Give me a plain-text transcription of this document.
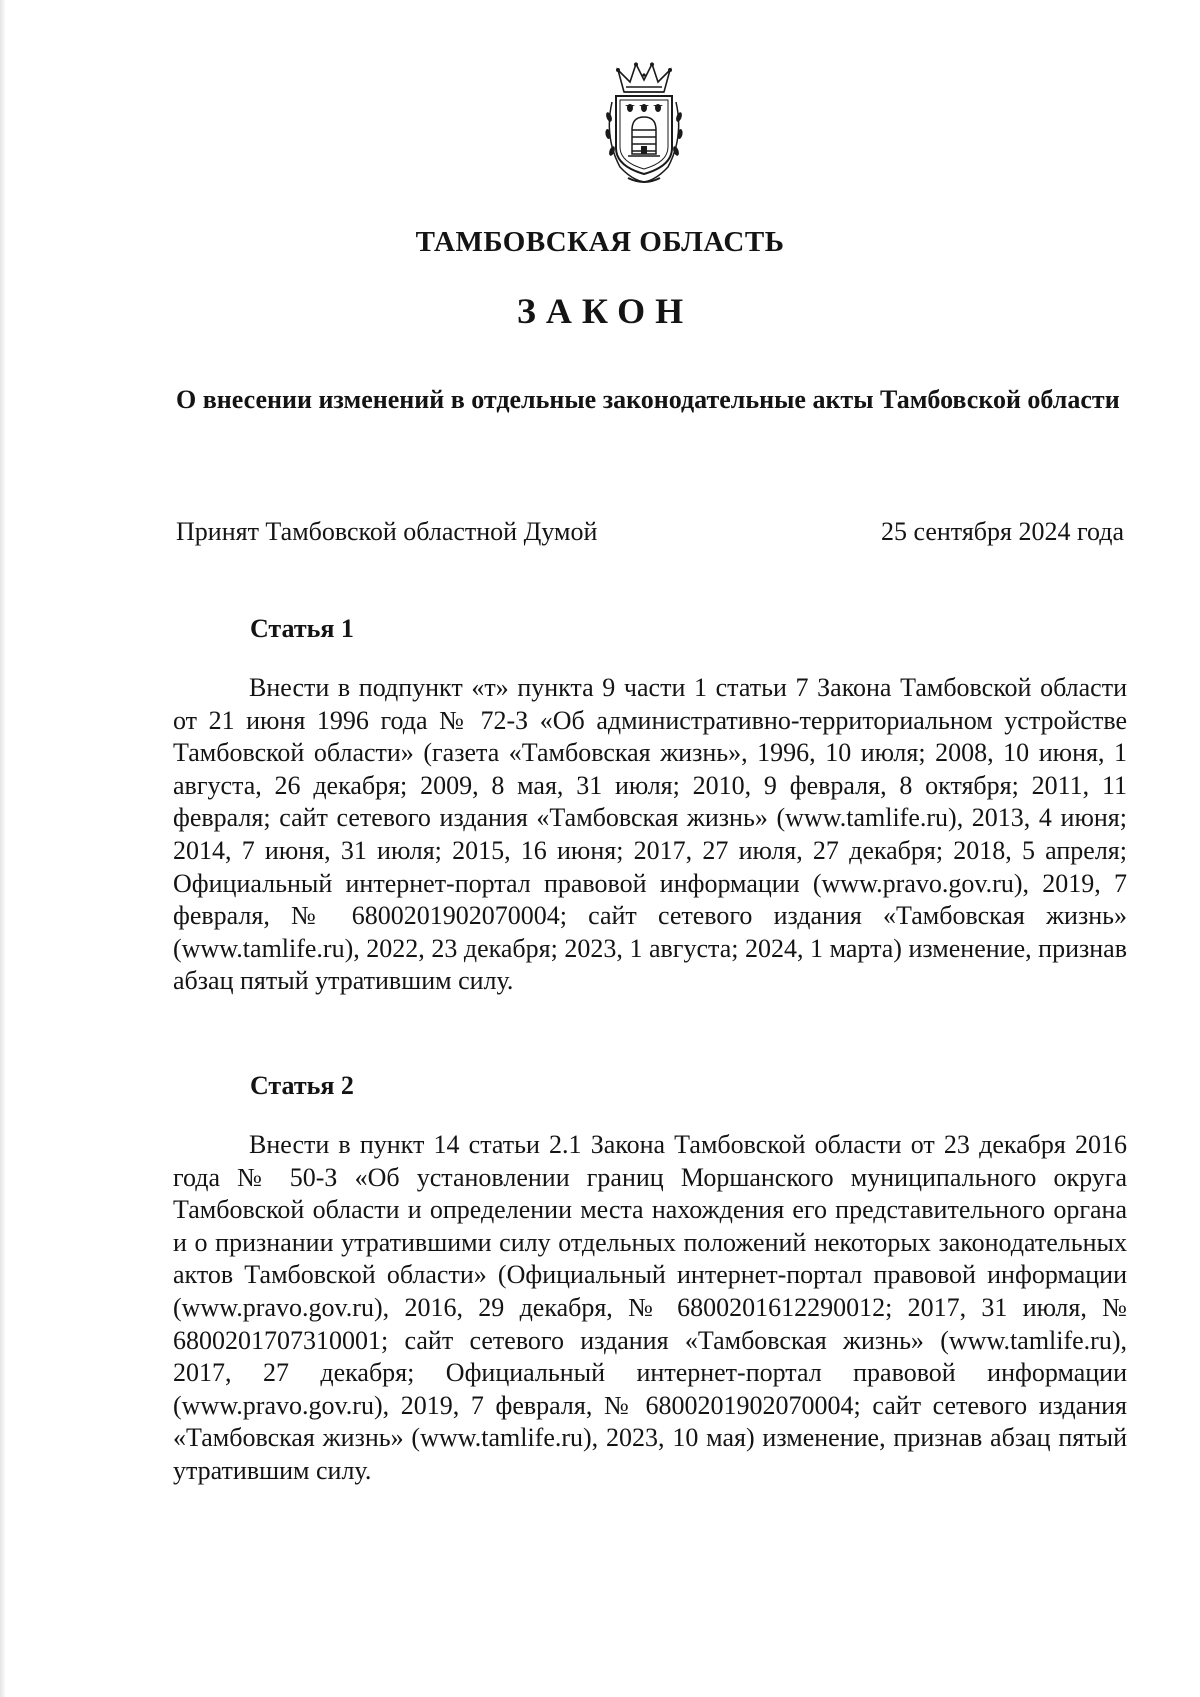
ТАМБОВСКАЯ ОБЛАСТЬ
ЗАКОН

О внесении изменений в отдельные законодательные акты Тамбовской области

Принят Тамбовской областной Думой	25 сентября 2024 года
Статья 1

Внести в подпункт «т» пункта 9 части 1 статьи 7 Закона Тамбовской области от 21 июня 1996 года № 72-З «Об административно-территориальном устройстве Тамбовской области» (газета «Тамбовская жизнь», 1996, 10 июля; 2008, 10 июня, 1 августа, 26 декабря; 2009, 8 мая, 31 июля; 2010, 9 февраля, 8 октября; 2011, 11 февраля; сайт сетевого издания «Тамбовская жизнь» (www.tamlife.ru), 2013, 4 июня; 2014, 7 июня, 31 июля; 2015, 16 июня; 2017, 27 июля, 27 декабря; 2018, 5 апреля; Официальный интернет-портал правовой информации (www.pravo.gov.ru), 2019, 7 февраля, № 6800201902070004; сайт сетевого издания «Тамбовская жизнь» (www.tamlife.ru), 2022, 23 декабря; 2023, 1 августа; 2024, 1 марта) изменение, признав абзац пятый утратившим силу.

Статья 2

Внести в пункт 14 статьи 2.1 Закона Тамбовской области от 23 декабря 2016 года № 50-З «Об установлении границ Моршанского муниципального округа Тамбовской области и определении места нахождения его представительного органа и о признании утратившими силу отдельных положений некоторых законодательных актов Тамбовской области» (Официальный интернет-портал правовой информации (www.pravo.gov.ru), 2016, 29 декабря, № 6800201612290012; 2017, 31 июля, № 6800201707310001; сайт сетевого издания «Тамбовская жизнь» (www.tamlife.ru), 2017, 27 декабря; Официальный интернет-портал правовой информации (www.pravo.gov.ru), 2019, 7 февраля, № 6800201902070004; сайт сетевого издания «Тамбовская жизнь» (www.tamlife.ru), 2023, 10 мая) изменение, признав абзац пятый утратившим силу.
